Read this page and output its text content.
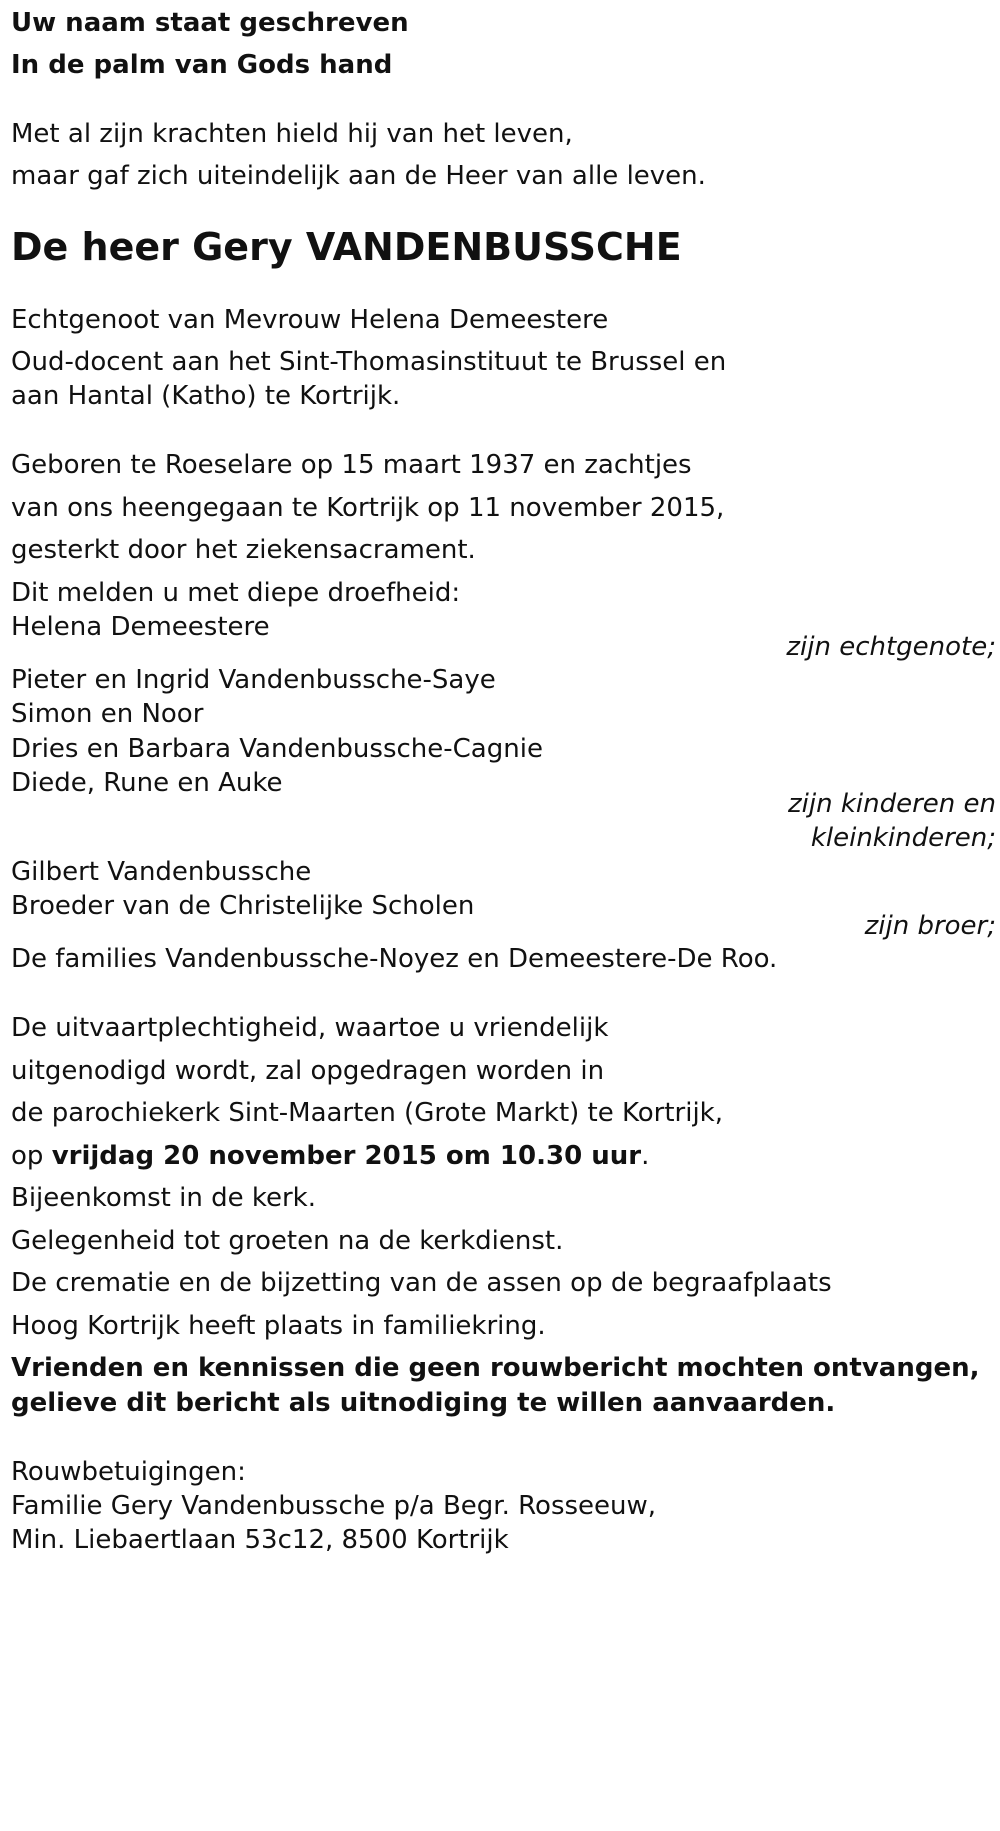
Uw naam staat geschreven

In de palm van Gods hand

Met al zijn krachten hield hij van het leven,

maar gaf zich uiteindelijk aan de Heer van alle leven.

De heer Gery VANDENBUSSCHE

Echtgenoot van Mevrouw Helena Demeestere

Oud-docent aan het Sint-Thomasinstituut te Brussel en

aan Hantal (Katho) te Kortrijk.

Geboren te Roeselare op 15 maart 1937 en zachtjes

van ons heengegaan te Kortrijk op 11 november 2015,

gesterkt door het ziekensacrament.

Dit melden u met diepe droefheid:

Helena Demeestere

zijn echtgenote;

Pieter en Ingrid Vandenbussche-Saye

Simon en Noor

Dries en Barbara Vandenbussche-Cagnie

Diede, Rune en Auke

zijn kinderen en

kleinkinderen;

Gilbert Vandenbussche

Broeder van de Christelijke Scholen

zijn broer;

De families Vandenbussche-Noyez en Demeestere-De Roo.

De uitvaartplechtigheid, waartoe u vriendelijk

uitgenodigd wordt, zal opgedragen worden in

de parochiekerk Sint-Maarten (Grote Markt) te Kortrijk,

op vrijdag 20 november 2015 om 10.30 uur.

Bijeenkomst in de kerk.

Gelegenheid tot groeten na de kerkdienst.

De crematie en de bijzetting van de assen op de begraafplaats

Hoog Kortrijk heeft plaats in familiekring.

Vrienden en kennissen die geen rouwbericht mochten ontvangen,

gelieve dit bericht als uitnodiging te willen aanvaarden.

Rouwbetuigingen:

Familie Gery Vandenbussche p/a Begr. Rosseeuw,

Min. Liebaertlaan 53c12, 8500 Kortrijk
